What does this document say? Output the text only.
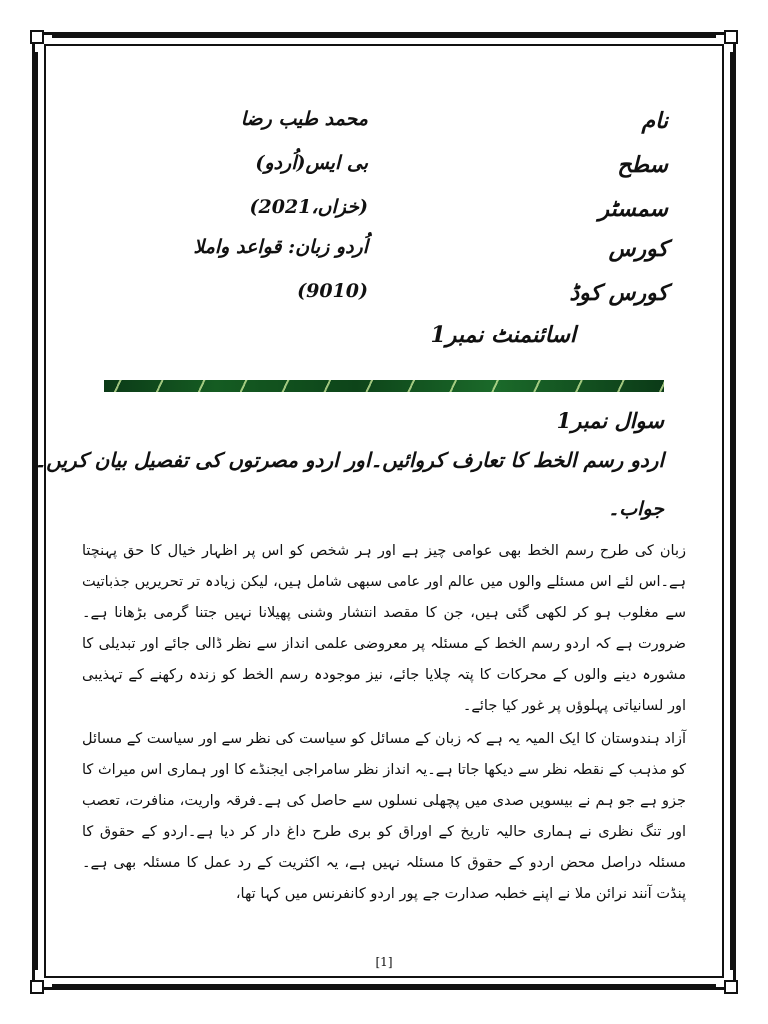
نام
محمد طیب رضا
سطح
بی ایس(اُردو)
سمسٹر
(خزاں،2021)
کورس
اُردو زبان: قواعد واملا
کورس کوڈ
(9010)
اسائنمنٹ نمبر1
سوال نمبر1
اردو رسم الخط کا تعارف کروائیں۔اور اردو مصرتوں کی تفصیل بیان کریں۔
جواب۔
زبان کی طرح رسم الخط بھی عوامی چیز ہے اور ہر شخص کو اس پر اظہار خیال کا حق پہنچتا ہے۔اس لئے اس مسئلے والوں میں عالم اور عامی سبھی شامل ہیں، لیکن زیادہ تر تحریریں جذباتیت سے مغلوب ہو کر لکھی گئی ہیں، جن کا مقصد انتشار وشنی پھیلانا نہیں جتنا گرمی بڑھانا ہے۔ضرورت ہے کہ اردو رسم الخط کے مسئلہ پر معروضی علمی انداز سے نظر ڈالی جائے اور تبدیلی کا مشورہ دینے والوں کے محرکات کا پتہ چلایا جائے، نیز موجودہ رسم الخط کو زندہ رکھنے کے تہذیبی اور لسانیاتی پہلوؤں پر غور کیا جائے۔
آزاد ہندوستان کا ایک المیہ یہ ہے کہ زبان کے مسائل کو سیاست کی نظر سے اور سیاست کے مسائل کو مذہب کے نقطہ نظر سے دیکھا جاتا ہے۔یہ انداز نظر سامراجی ایجنڈے کا اور ہماری اس میراث کا جزو ہے جو ہم نے بیسویں صدی میں پچھلی نسلوں سے حاصل کی ہے۔فرقہ واریت، منافرت، تعصب اور تنگ نظری نے ہماری حالیہ تاریخ کے اوراق کو بری طرح داغ دار کر دیا ہے۔اردو کے حقوق کا مسئلہ دراصل محض اردو کے حقوق کا مسئلہ نہیں ہے، یہ اکثریت کے رد عمل کا مسئلہ بھی ہے۔پنڈت آنند نرائن ملا نے اپنے خطبہ صدارت جے پور اردو کانفرنس میں کہا تھا،
[1]
